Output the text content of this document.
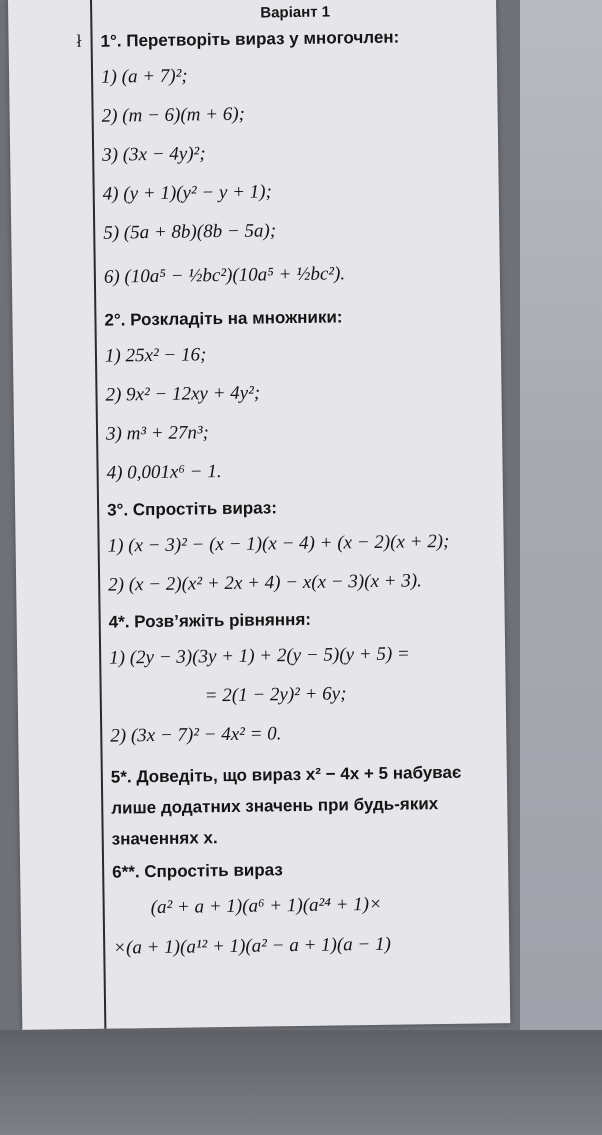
ł
Варіант 1
1°. Перетворіть вираз у многочлен:
1) (a + 7)²;
2) (m − 6)(m + 6);
3) (3x − 4y)²;
4) (y + 1)(y² − y + 1);
5) (5a + 8b)(8b − 5a);
6) (10a⁵ − ½bc²)(10a⁵ + ½bc²).
2°. Розкладіть на множники:
1) 25x² − 16;
2) 9x² − 12xy + 4y²;
3) m³ + 27n³;
4) 0,001x⁶ − 1.
3°. Спростіть вираз:
1) (x − 3)² − (x − 1)(x − 4) + (x − 2)(x + 2);
2) (x − 2)(x² + 2x + 4) − x(x − 3)(x + 3).
4*. Розв’яжіть рівняння:
1) (2y − 3)(3y + 1) + 2(y − 5)(y + 5) =
= 2(1 − 2y)² + 6y;
2) (3x − 7)² − 4x² = 0.
5*. Доведіть, що вираз x² − 4x + 5 набуває лише додатних значень при будь-яких значеннях x.
6**. Спростіть вираз
(a² + a + 1)(a⁶ + 1)(a²⁴ + 1)×
×(a + 1)(a¹² + 1)(a² − a + 1)(a − 1)
